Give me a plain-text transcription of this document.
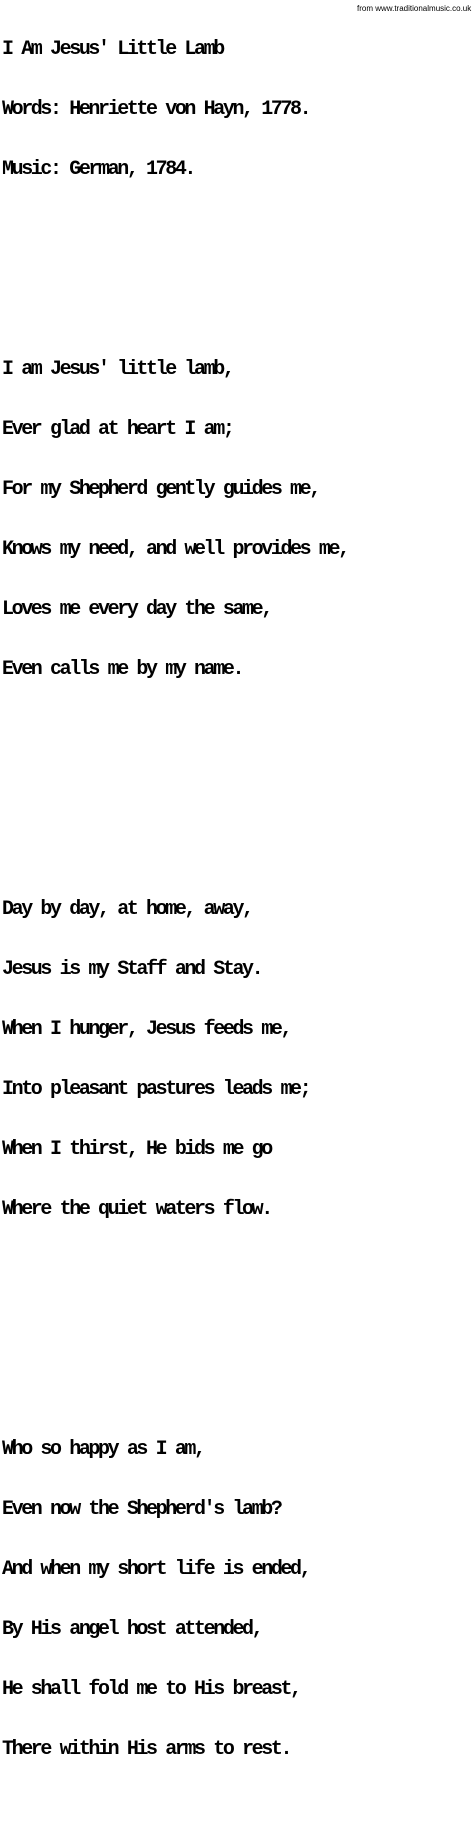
from www.traditionalmusic.co.uk

I Am Jesus' Little Lamb

Words: Henriette von Hayn, 1778.

Music: German, 1784.

I am Jesus' little lamb,

Ever glad at heart I am;

For my Shepherd gently guides me,

Knows my need, and well provides me,

Loves me every day the same,

Even calls me by my name.

Day by day, at home, away,

Jesus is my Staff and Stay.

When I hunger, Jesus feeds me,

Into pleasant pastures leads me;

When I thirst, He bids me go

Where the quiet waters flow.

Who so happy as I am,

Even now the Shepherd's lamb?

And when my short life is ended,

By His angel host attended,

He shall fold me to His breast,

There within His arms to rest.
